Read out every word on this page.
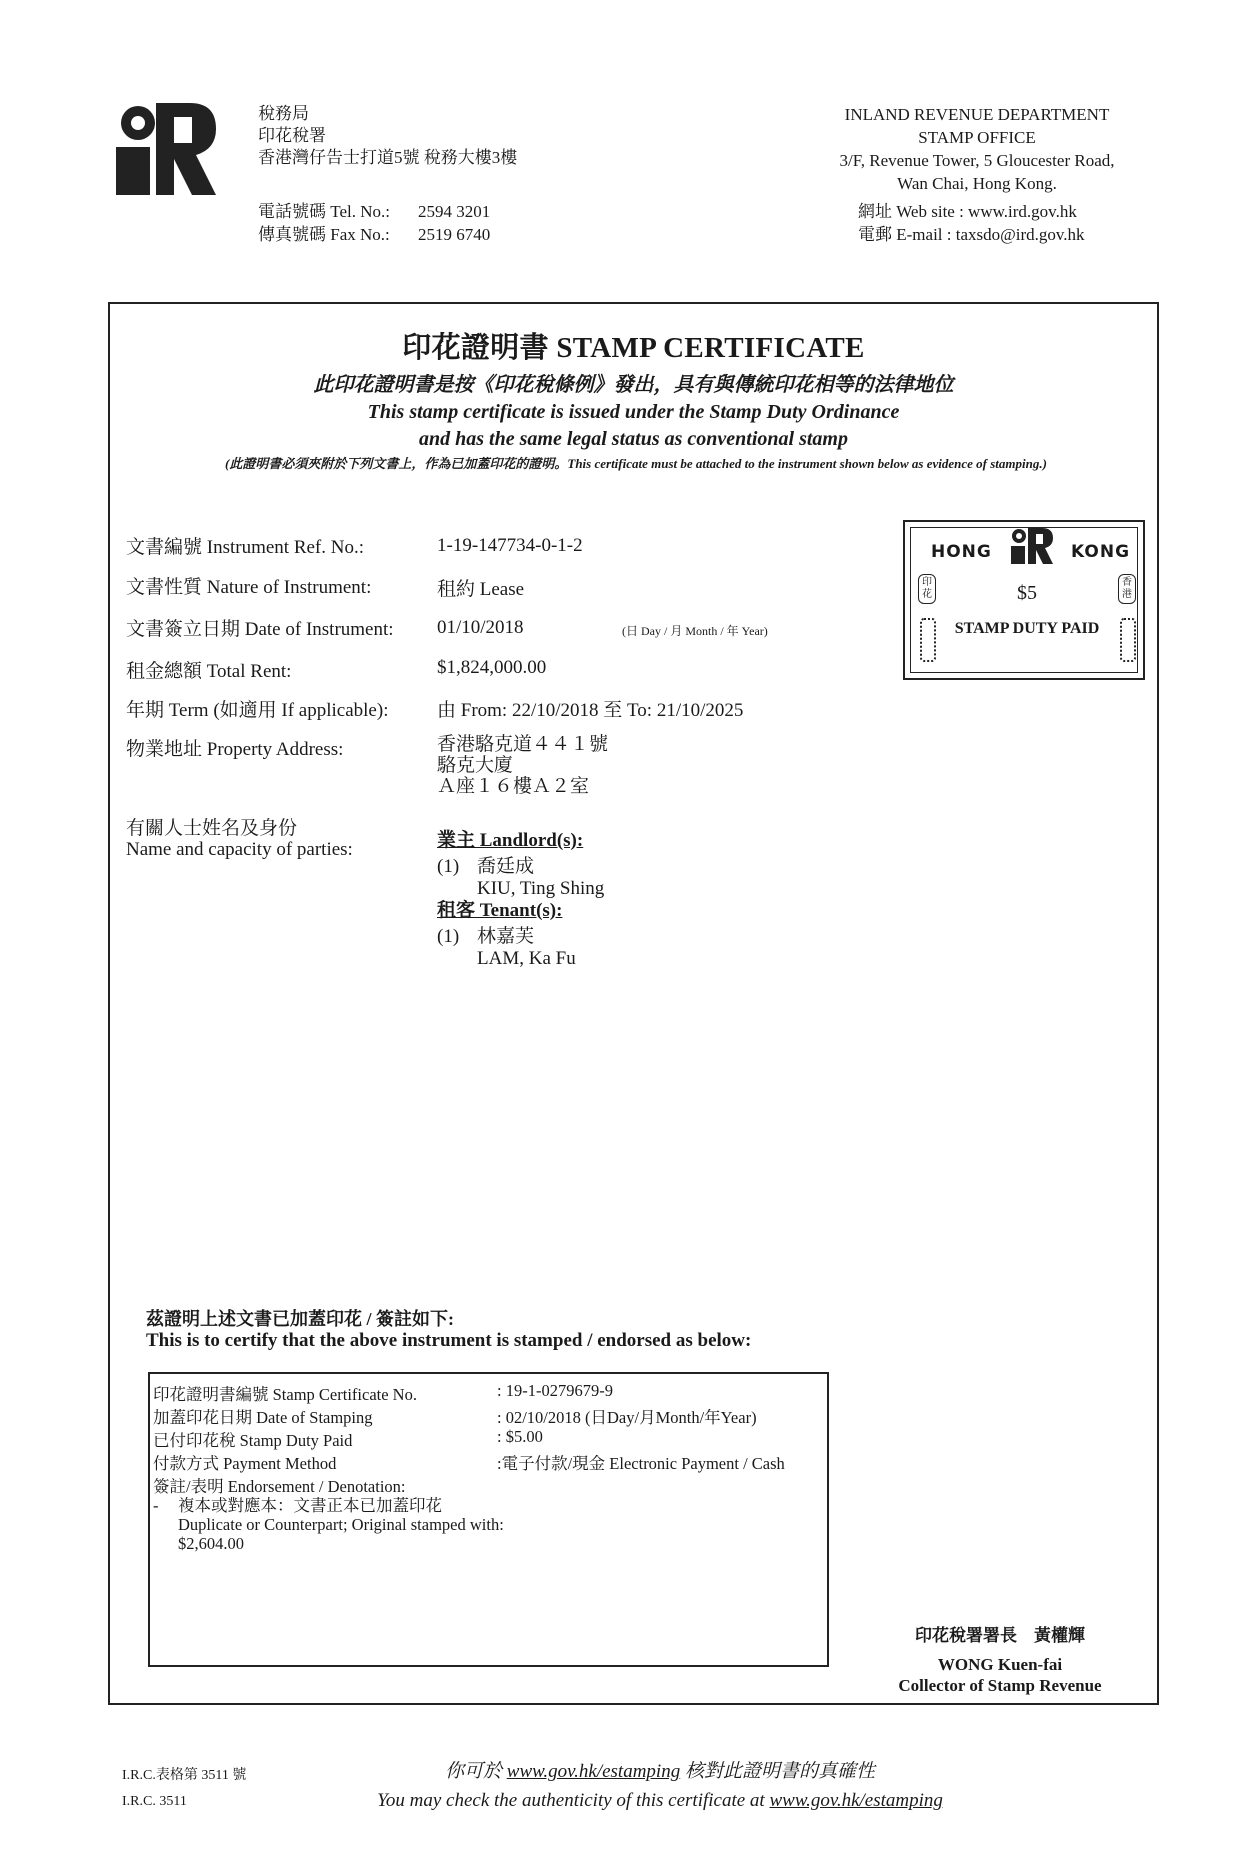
稅務局
印花稅署
香港灣仔告士打道5號 稅務大樓3樓
電話號碼 Tel. No.: 2594 3201
傳真號碼 Fax No.: 2519 6740
INLAND REVENUE DEPARTMENT
STAMP OFFICE
3/F, Revenue Tower, 5 Gloucester Road,
Wan Chai, Hong Kong.
網址 Web site : www.ird.gov.hk
電郵 E-mail : taxsdo@ird.gov.hk
印花證明書 STAMP CERTIFICATE
此印花證明書是按《印花稅條例》發出，具有與傳統印花相等的法律地位
This stamp certificate is issued under the Stamp Duty Ordinance
and has the same legal status as conventional stamp
(此證明書必須夾附於下列文書上，作為已加蓋印花的證明。This certificate must be attached to the instrument shown below as evidence of stamping.)
文書編號 Instrument Ref. No.:	1-19-147734-0-1-2
文書性質 Nature of Instrument:	租約 Lease
文書簽立日期 Date of Instrument: 01/10/2018	(日 Day / 月 Month / 年 Year)
租金總額 Total Rent:	$1,824,000.00
年期 Term (如適用 If applicable):	由 From: 22/10/2018 至 To: 21/10/2025
物業地址 Property Address:	香港駱克道４４１號
駱克大廈
Ａ座１６樓Ａ２室
有關人士姓名及身份
Name and capacity of parties:	業主 Landlord(s):
(1) 喬廷成
KIU, Ting Shing
租客 Tenant(s):
(1) 林嘉芙
LAM, Ka Fu
HONG	KONG
$5
STAMP DUTY PAID
印花
香港
茲證明上述文書已加蓋印花 / 簽註如下:
This is to certify that the above instrument is stamped / endorsed as below:
印花證明書編號 Stamp Certificate No.	: 19-1-0279679-9
加蓋印花日期 Date of Stamping	: 02/10/2018 (日Day/月Month/年Year)
已付印花稅 Stamp Duty Paid	: $5.00
付款方式 Payment Method	:電子付款/現金 Electronic Payment / Cash
簽註/表明 Endorsement / Denotation:
- 複本或對應本：文書正本已加蓋印花
Duplicate or Counterpart; Original stamped with:
$2,604.00
印花稅署署長　黃權輝
WONG Kuen-fai
Collector of Stamp Revenue
I.R.C.表格第 3511 號
I.R.C. 3511
你可於 www.gov.hk/estamping 核對此證明書的真確性
You may check the authenticity of this certificate at www.gov.hk/estamping
